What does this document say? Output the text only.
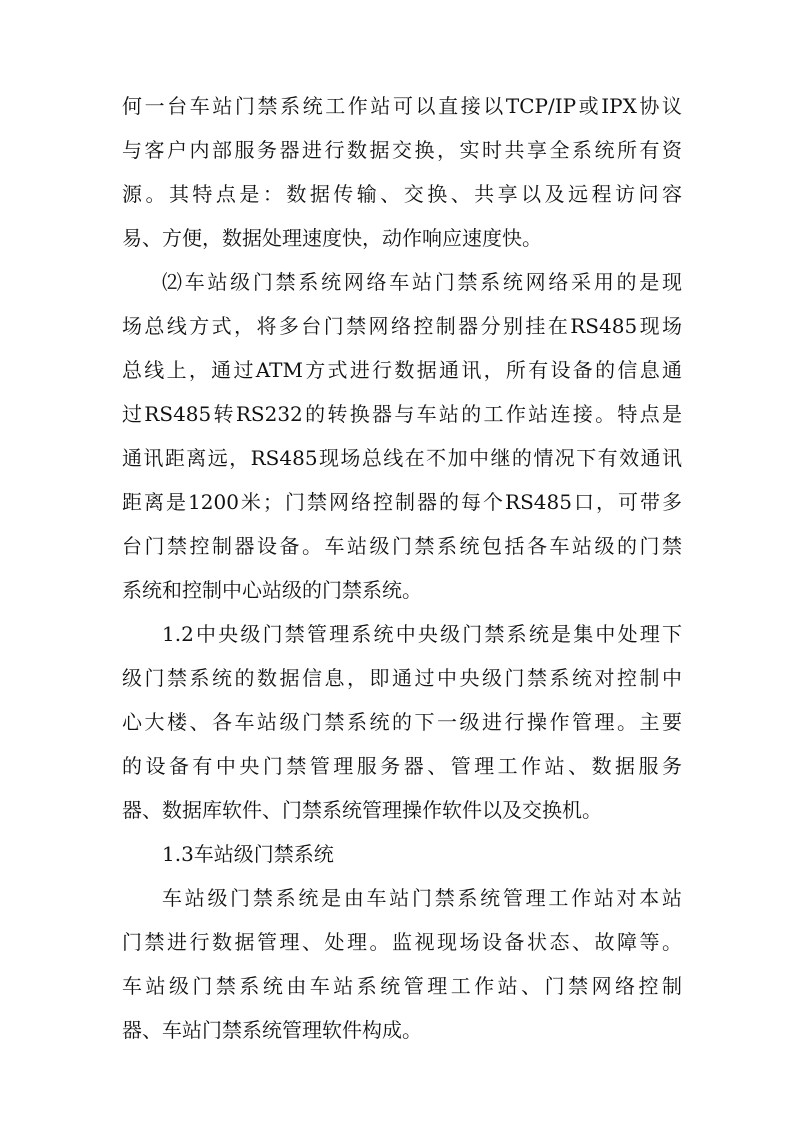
何一台车站门禁系统工作站可以直接以TCP/IP或IPX协议
与客户内部服务器进行数据交换，实时共享全系统所有资
源。其特点是：数据传输、交换、共享以及远程访问容
易、方便，数据处理速度快，动作响应速度快。
⑵车站级门禁系统网络车站门禁系统网络采用的是现
场总线方式，将多台门禁网络控制器分别挂在RS485现场
总线上，通过ATM方式进行数据通讯，所有设备的信息通
过RS485转RS232的转换器与车站的工作站连接。特点是
通讯距离远，RS485现场总线在不加中继的情况下有效通讯
距离是1200米；门禁网络控制器的每个RS485口，可带多
台门禁控制器设备。车站级门禁系统包括各车站级的门禁
系统和控制中心站级的门禁系统。
1.2中央级门禁管理系统中央级门禁系统是集中处理下
级门禁系统的数据信息，即通过中央级门禁系统对控制中
心大楼、各车站级门禁系统的下一级进行操作管理。主要
的设备有中央门禁管理服务器、管理工作站、数据服务
器、数据库软件、门禁系统管理操作软件以及交换机。
1.3车站级门禁系统
车站级门禁系统是由车站门禁系统管理工作站对本站
门禁进行数据管理、处理。监视现场设备状态、故障等。
车站级门禁系统由车站系统管理工作站、门禁网络控制
器、车站门禁系统管理软件构成。
